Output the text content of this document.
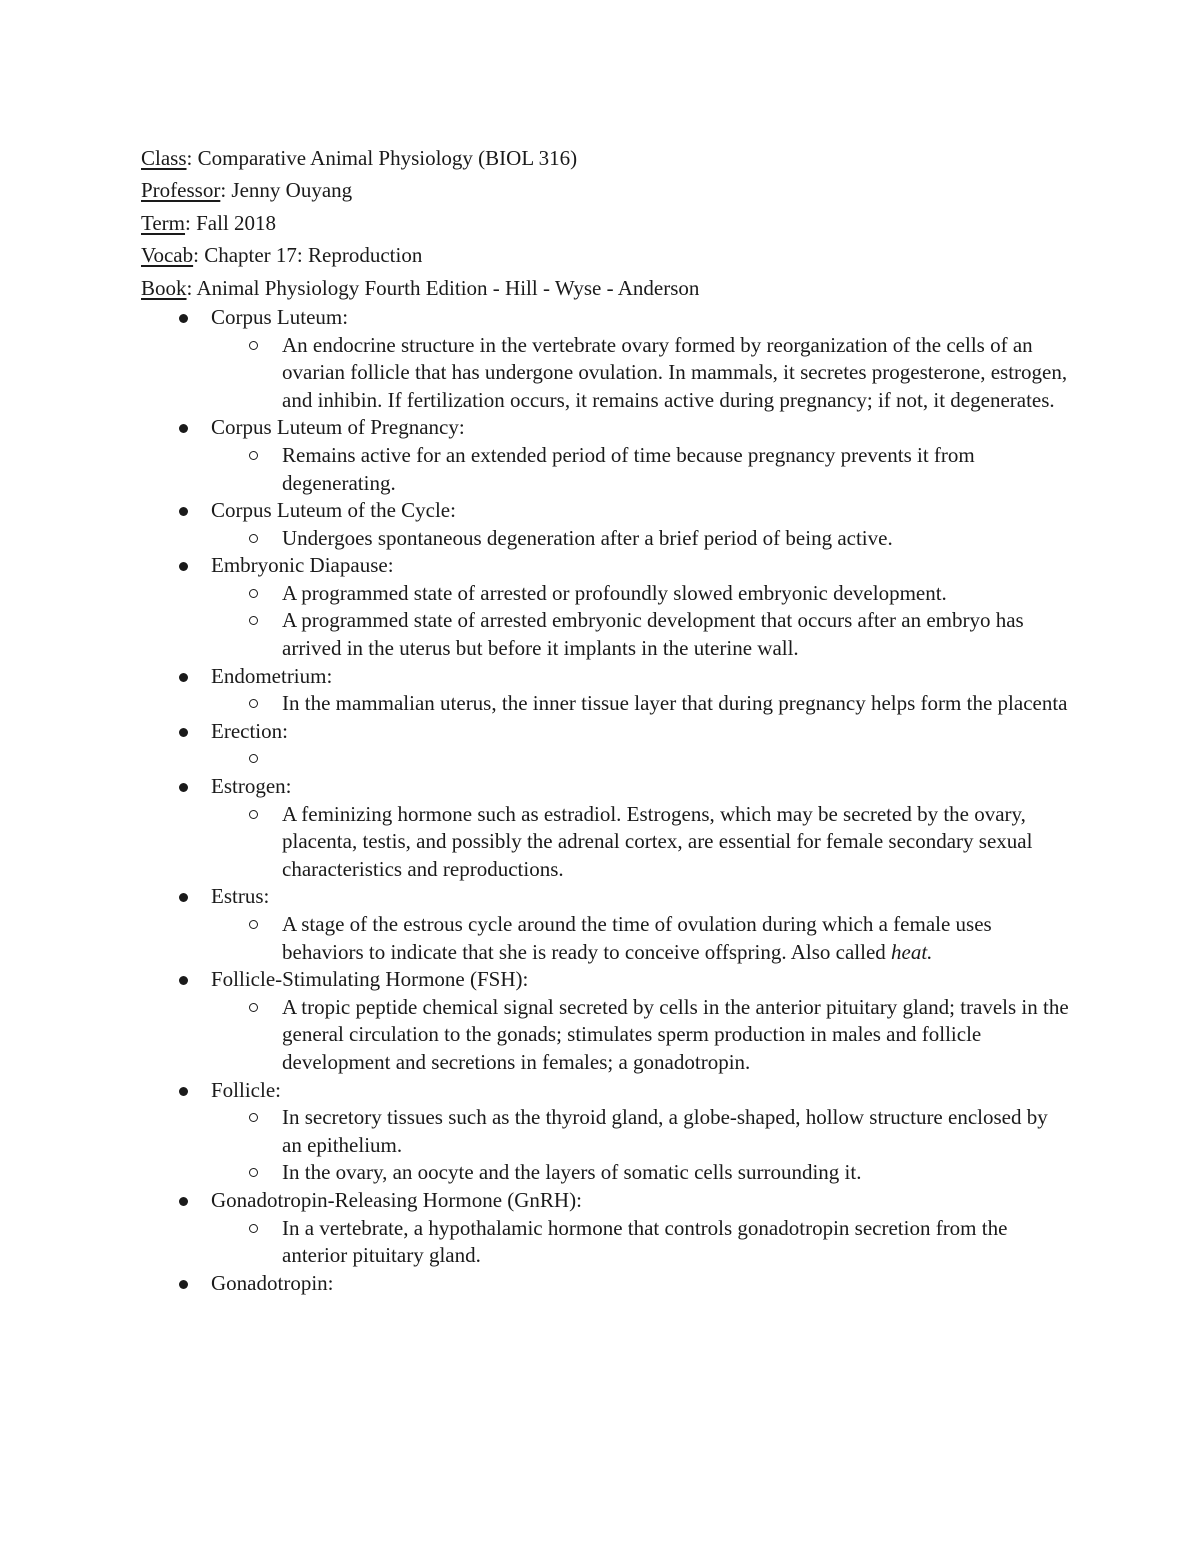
Class: Comparative Animal Physiology (BIOL 316)
Professor: Jenny Ouyang
Term: Fall 2018
Vocab: Chapter 17: Reproduction
Book: Animal Physiology Fourth Edition - Hill - Wyse - Anderson
Corpus Luteum:
An endocrine structure in the vertebrate ovary formed by reorganization of the cells of an ovarian follicle that has undergone ovulation. In mammals, it secretes progesterone, estrogen, and inhibin. If fertilization occurs, it remains active during pregnancy; if not, it degenerates.
Corpus Luteum of Pregnancy:
Remains active for an extended period of time because pregnancy prevents it from degenerating.
Corpus Luteum of the Cycle:
Undergoes spontaneous degeneration after a brief period of being active.
Embryonic Diapause:
A programmed state of arrested or profoundly slowed embryonic development.
A programmed state of arrested embryonic development that occurs after an embryo has arrived in the uterus but before it implants in the uterine wall.
Endometrium:
In the mammalian uterus, the inner tissue layer that during pregnancy helps form the placenta
Erection:
Estrogen:
A feminizing hormone such as estradiol. Estrogens, which may be secreted by the ovary, placenta, testis, and possibly the adrenal cortex, are essential for female secondary sexual characteristics and reproductions.
Estrus:
A stage of the estrous cycle around the time of ovulation during which a female uses behaviors to indicate that she is ready to conceive offspring. Also called heat.
Follicle-Stimulating Hormone (FSH):
A tropic peptide chemical signal secreted by cells in the anterior pituitary gland; travels in the general circulation to the gonads; stimulates sperm production in males and follicle development and secretions in females; a gonadotropin.
Follicle:
In secretory tissues such as the thyroid gland, a globe-shaped, hollow structure enclosed by an epithelium.
In the ovary, an oocyte and the layers of somatic cells surrounding it.
Gonadotropin-Releasing Hormone (GnRH):
In a vertebrate, a hypothalamic hormone that controls gonadotropin secretion from the anterior pituitary gland.
Gonadotropin:
